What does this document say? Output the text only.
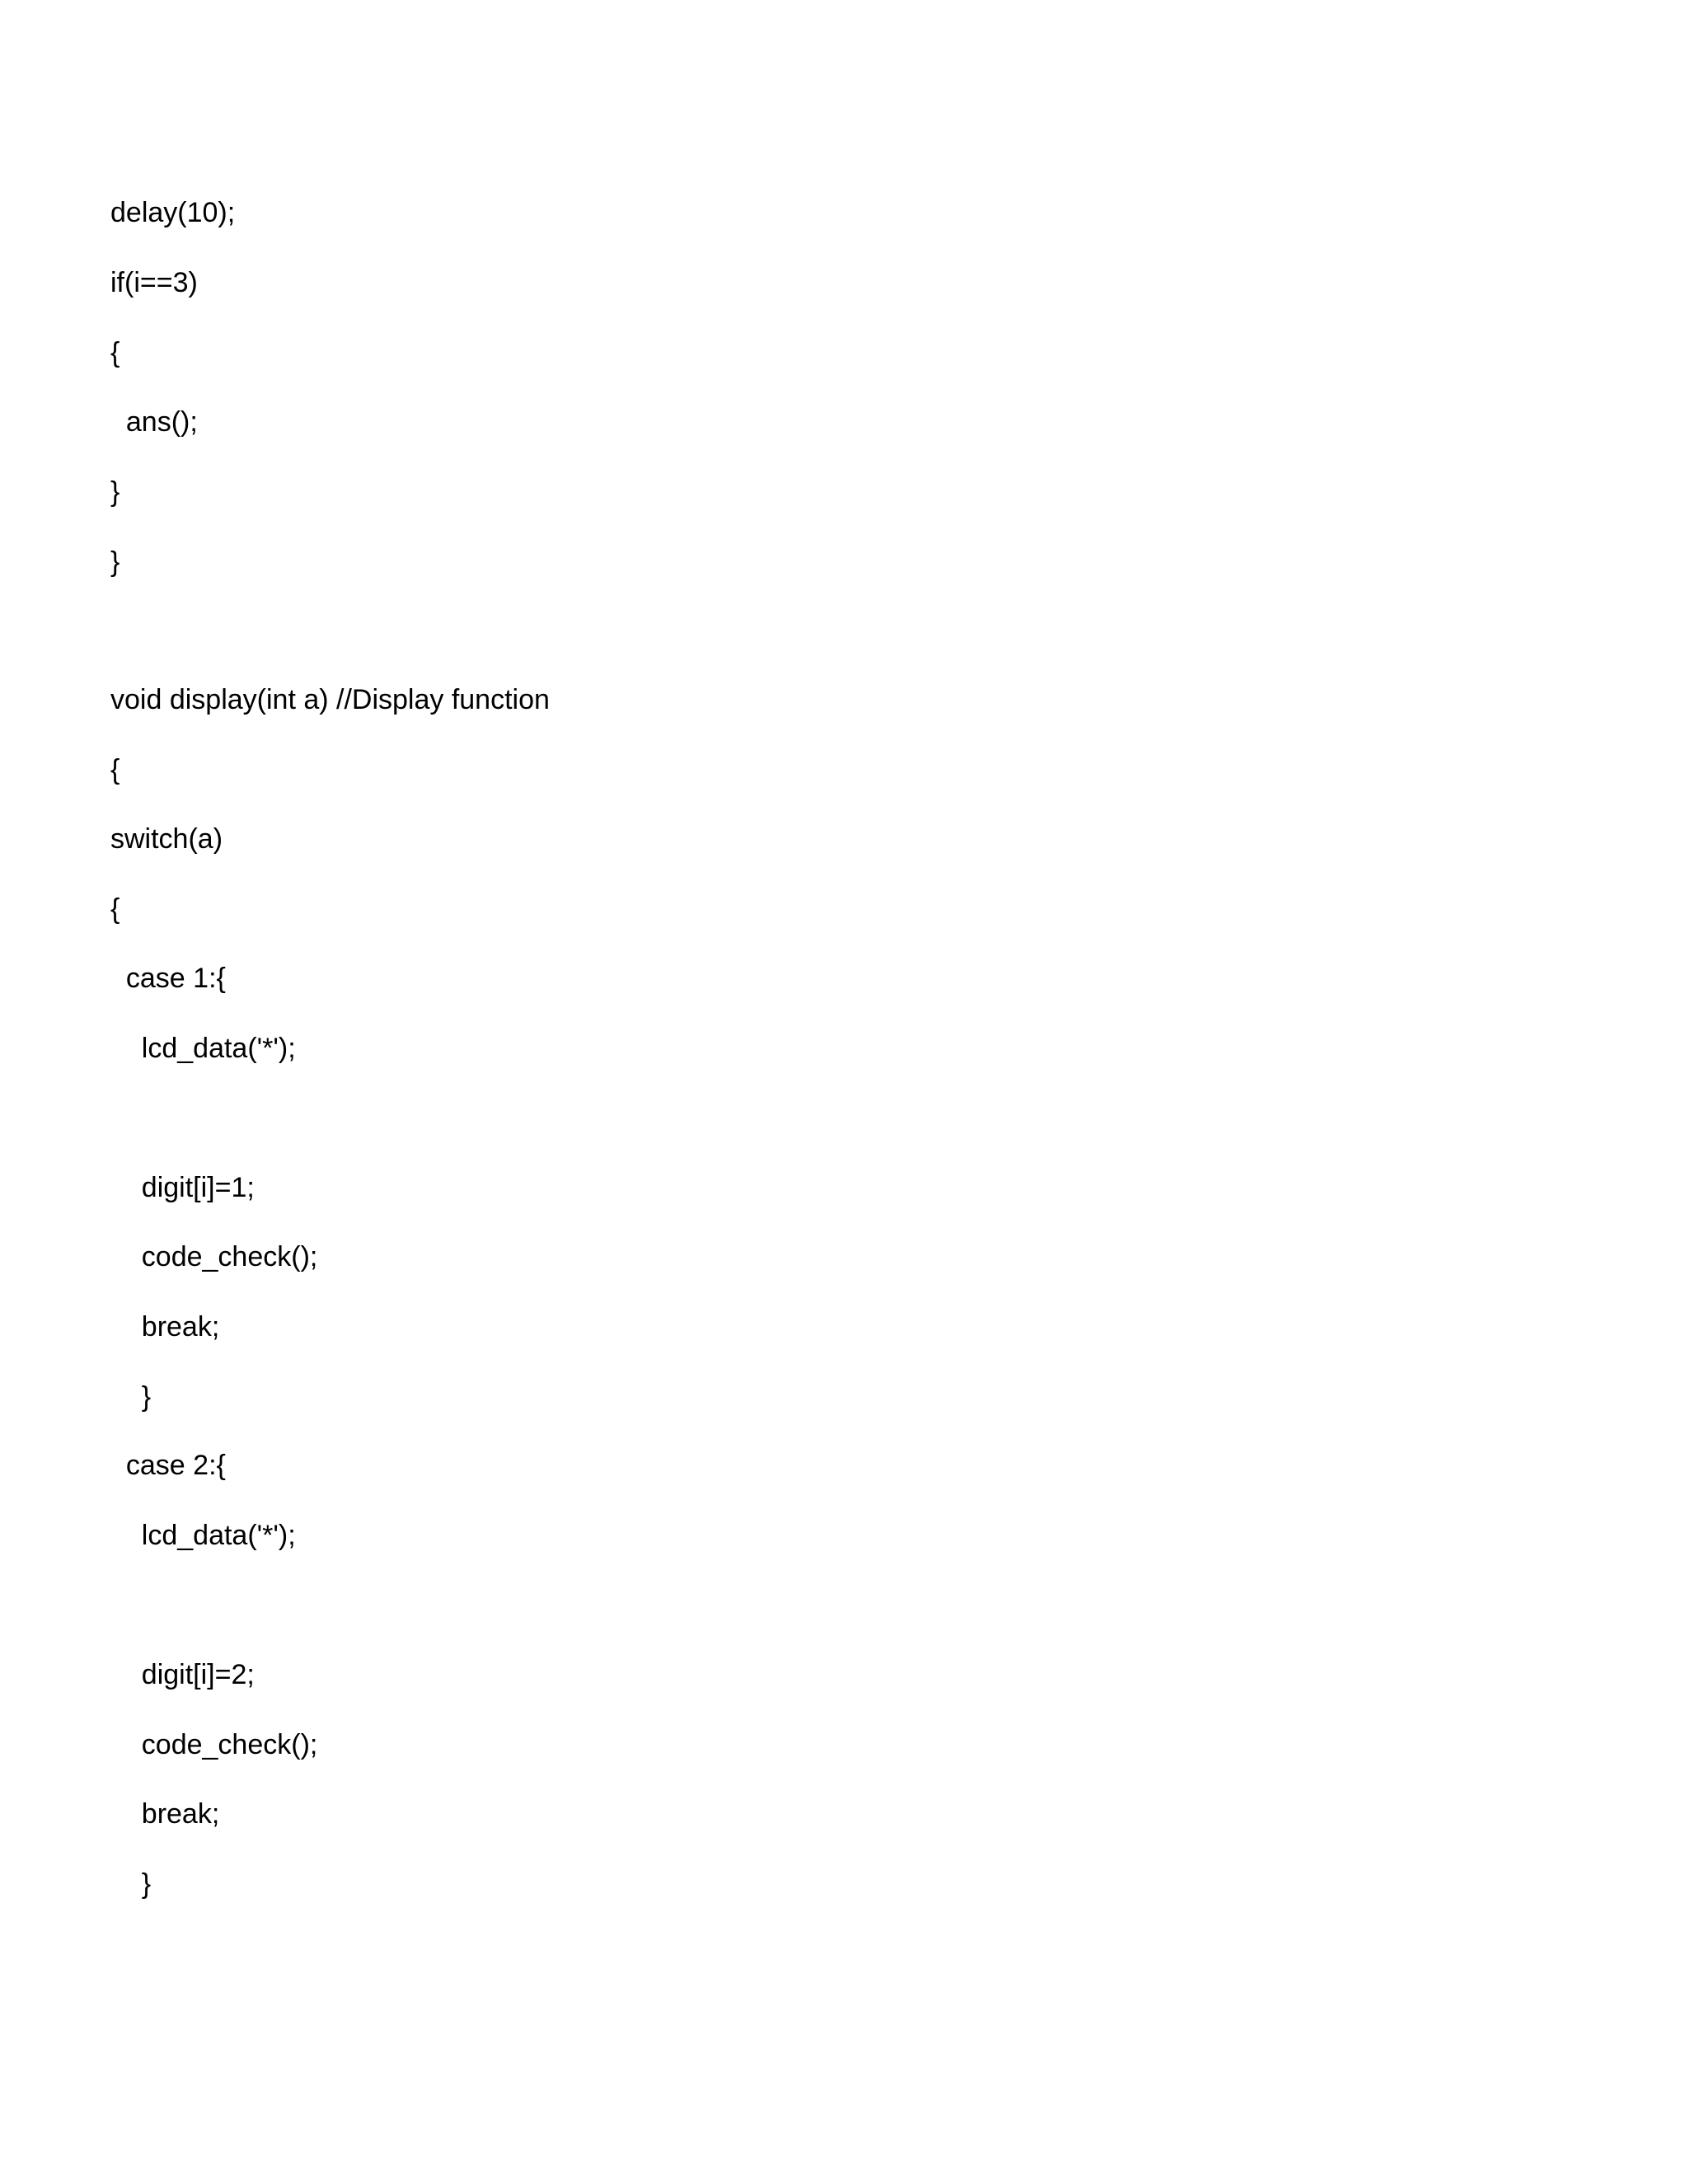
delay(10);

if(i==3)

{

ans();

}

}

void display(int a) //Display function

{

switch(a)

{

case 1:{

lcd_data('*');

digit[i]=1;

code_check();

break;

}

case 2:{

lcd_data('*');

digit[i]=2;

code_check();

break;

}
